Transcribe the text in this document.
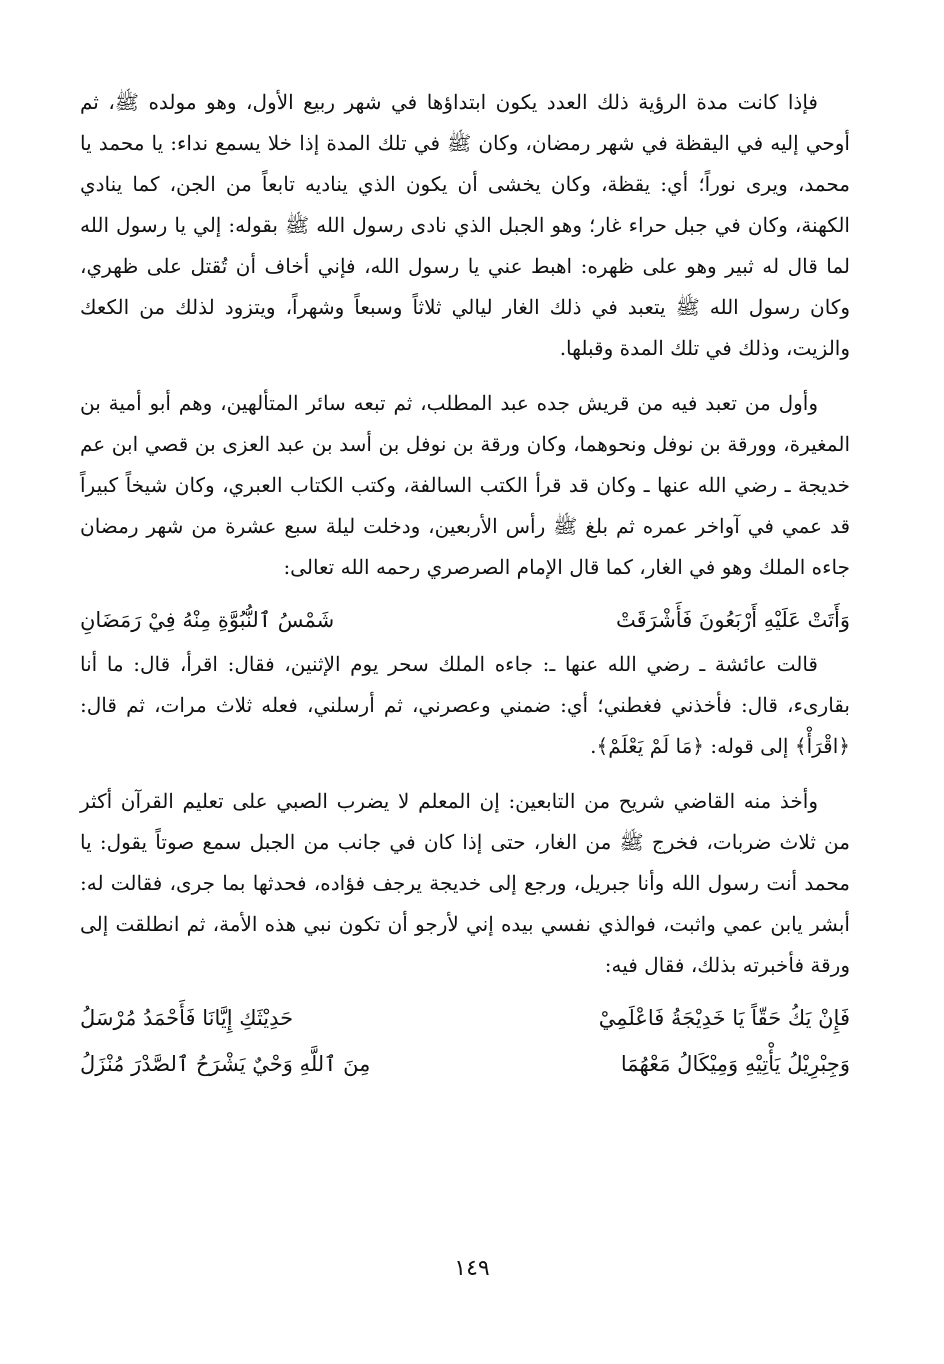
فإذا كانت مدة الرؤية ذلك العدد يكون ابتداؤها في شهر ربيع الأول، وهو مولده ﷺ، ثم أوحي إليه في اليقظة في شهر رمضان، وكان ﷺ في تلك المدة إذا خلا يسمع نداء: يا محمد يا محمد، ويرى نوراً؛ أي: يقظة، وكان يخشى أن يكون الذي يناديه تابعاً من الجن، كما ينادي الكهنة، وكان في جبل حراء غار؛ وهو الجبل الذي نادى رسول الله ﷺ بقوله: إلي يا رسول الله لما قال له ثبير وهو على ظهره: اهبط عني يا رسول الله، فإني أخاف أن تُقتل على ظهري، وكان رسول الله ﷺ يتعبد في ذلك الغار ليالي ثلاثاً وسبعاً وشهراً، ويتزود لذلك من الكعك والزيت، وذلك في تلك المدة وقبلها.

وأول من تعبد فيه من قريش جده عبد المطلب، ثم تبعه سائر المتألهين، وهم أبو أمية بن المغيرة، وورقة بن نوفل ونحوهما، وكان ورقة بن نوفل بن أسد بن عبد العزى بن قصي ابن عم خديجة ـ رضي الله عنها ـ وكان قد قرأ الكتب السالفة، وكتب الكتاب العبري، وكان شيخاً كبيراً قد عمي في آواخر عمره ثم بلغ ﷺ رأس الأربعين، ودخلت ليلة سبع عشرة من شهر رمضان جاءه الملك وهو في الغار، كما قال الإمام الصرصري رحمه الله تعالى:

وَأَتَتْ عَلَيْهِ أَرْبَعُونَ فَأَشْرَقَتْ
شَمْسُ ٱلنُّبُوَّةِ مِنْهُ فِيْ رَمَضَانِ

قالت عائشة ـ رضي الله عنها ـ: جاءه الملك سحر يوم الإثنين، فقال: اقرأ، قال: ما أنا بقارىء، قال: فأخذني فغطني؛ أي: ضمني وعصرني، ثم أرسلني، فعله ثلاث مرات، ثم قال: ﴿اقْرَأْ﴾ إلى قوله: ﴿مَا لَمْ يَعْلَمْ﴾.

وأخذ منه القاضي شريح من التابعين: إن المعلم لا يضرب الصبي على تعليم القرآن أكثر من ثلاث ضربات، فخرج ﷺ من الغار، حتى إذا كان في جانب من الجبل سمع صوتاً يقول: يا محمد أنت رسول الله وأنا جبريل، ورجع إلى خديجة يرجف فؤاده، فحدثها بما جرى، فقالت له: أبشر يابن عمي واثبت، فوالذي نفسي بيده إني لأرجو أن تكون نبي هذه الأمة، ثم انطلقت إلى ورقة فأخبرته بذلك، فقال فيه:

فَإِنْ يَكُ حَقّاً يَا خَدِيْجَةُ فَاعْلَمِيْ
حَدِيْثَكِ إِيَّانَا فَأَحْمَدُ مُرْسَلُ
وَجِبْرِيْلُ يَأْتِيْهِ وَمِيْكَالُ مَعْهُمَا
مِنَ ٱللَّهِ وَحْيٌ يَشْرَحُ ٱلصَّدْرَ مُنْزَلُ
١٤٩
